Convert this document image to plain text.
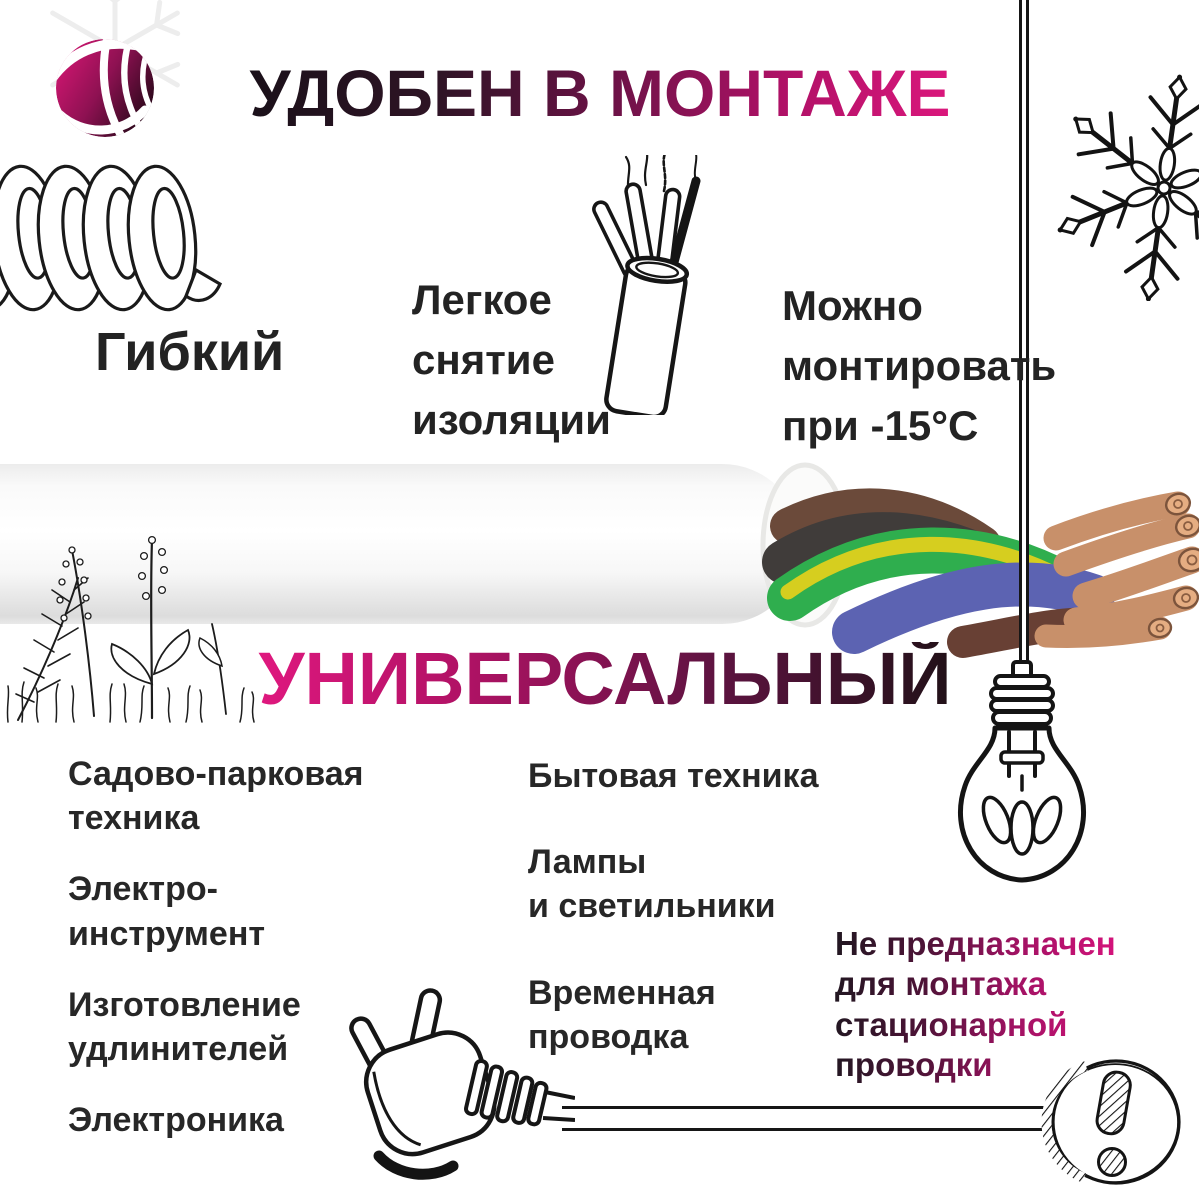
УДОБЕН В МОНТАЖЕ
Гибкий
Легкое
снятие
изоляции
Можно
монтировать
при -15°С
УНИВЕРСАЛЬНЫЙ
Садово-парковая
техника
Электро-
инструмент
Изготовление
удлинителей
Электроника
Бытовая техника
Лампы
и светильники
Временная
проводка
Не предназначен
для монтажа
стационарной
проводки
